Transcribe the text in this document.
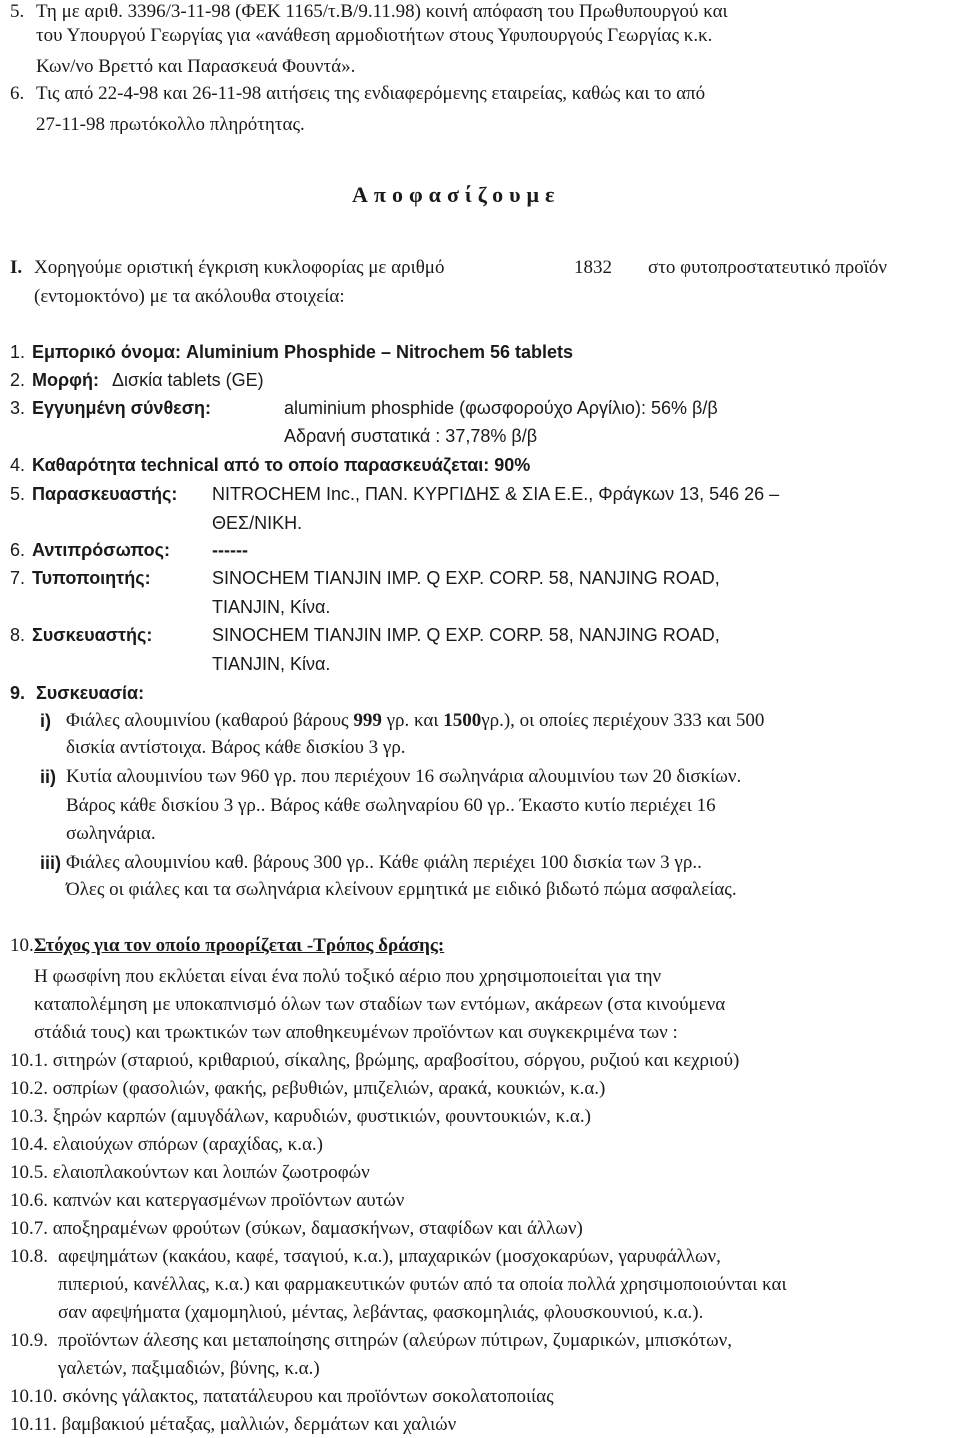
5. Τη με αριθ. 3396/3-11-98 (ΦΕΚ 1165/τ.Β/9.11.98) κοινή απόφαση του Πρωθυπουργού και
του Υπουργού Γεωργίας για «ανάθεση αρμοδιοτήτων στους Υφυπουργούς Γεωργίας κ.κ.
Κων/νο Βρεττό και Παρασκευά Φουντά».
6. Τις από 22-4-98 και 26-11-98 αιτήσεις της ενδιαφερόμενης εταιρείας, καθώς και το από
27-11-98 πρωτόκολλο πληρότητας.
Αποφασίζουμε
I. Χορηγούμε οριστική έγκριση κυκλοφορίας με αριθμό	1832 στο φυτοπροστατευτικό προϊόν
(εντομοκτόνο) με τα ακόλουθα στοιχεία:
1. Εμπορικό όνομα: Aluminium Phosphide – Nitrochem 56 tablets
2. Μορφή: Δισκία tablets (GE)
3. Εγγυημένη σύνθεση:	aluminium phosphide (φωσφορούχο Αργίλιο): 56% β/β
Αδρανή συστατικά : 37,78% β/β
4. Καθαρότητα technical από το οποίο παρασκευάζεται: 90%
5. Παρασκευαστής: NITROCHEM Inc., ΠΑΝ. ΚΥΡΓΙΔΗΣ & ΣΙΑ Ε.Ε., Φράγκων 13, 546 26 –
ΘΕΣ/ΝΙΚΗ.
6. Αντιπρόσωπος: ------
7. Τυποποιητής:	SINOCHEM TIANJIN IMP. Q EXP. CORP. 58, NANJING ROAD,
TIANJIN, Κίνα.
8. Συσκευαστής:	SINOCHEM TIANJIN IMP. Q EXP. CORP. 58, NANJING ROAD,
TIANJIN, Κίνα.
9. Συσκευασία:
i) Φιάλες αλουμινίου (καθαρού βάρους 999 γρ. και 1500γρ.), οι οποίες περιέχουν 333 και 500
δισκία αντίστοιχα. Βάρος κάθε δισκίου 3 γρ.
ii) Κυτία αλουμινίου των 960 γρ. που περιέχουν 16 σωληνάρια αλουμινίου των 20 δισκίων.
Βάρος κάθε δισκίου 3 γρ.. Βάρος κάθε σωληναρίου 60 γρ.. Έκαστο κυτίο περιέχει 16
σωληνάρια.
iii) Φιάλες αλουμινίου καθ. βάρους 300 γρ.. Κάθε φιάλη περιέχει 100 δισκία των 3 γρ..
Όλες οι φιάλες και τα σωληνάρια κλείνουν ερμητικά με ειδικό βιδωτό πώμα ασφαλείας.
10. Στόχος για τον οποίο προορίζεται -Τρόπος δράσης:
Η φωσφίνη που εκλύεται είναι ένα πολύ τοξικό αέριο που χρησιμοποιείται για την
καταπολέμηση με υποκαπνισμό όλων των σταδίων των εντόμων, ακάρεων (στα κινούμενα
στάδιά τους) και τρωκτικών των αποθηκευμένων προϊόντων και συγκεκριμένα των :
10.1. σιτηρών (σταριού, κριθαριού, σίκαλης, βρώμης, αραβοσίτου, σόργου, ρυζιού και κεχριού)
10.2. οσπρίων (φασολιών, φακής, ρεβυθιών, μπιζελιών, αρακά, κουκιών, κ.α.)
10.3. ξηρών καρπών (αμυγδάλων, καρυδιών, φυστικιών, φουντουκιών, κ.α.)
10.4. ελαιούχων σπόρων (αραχίδας, κ.α.)
10.5. ελαιοπλακούντων και λοιπών ζωοτροφών
10.6. καπνών και κατεργασμένων προϊόντων αυτών
10.7. αποξηραμένων φρούτων (σύκων, δαμασκήνων, σταφίδων και άλλων)
10.8. αφεψημάτων (κακάου, καφέ, τσαγιού, κ.α.), μπαχαρικών (μοσχοκαρύων, γαρυφάλλων,
πιπεριού, κανέλλας, κ.α.) και φαρμακευτικών φυτών από τα οποία πολλά χρησιμοποιούνται και
σαν αφεψήματα (χαμομηλιού, μέντας, λεβάντας, φασκομηλιάς, φλουσκουνιού, κ.α.).
10.9. προϊόντων άλεσης και μεταποίησης σιτηρών (αλεύρων πύτιρων, ζυμαρικών, μπισκότων,
γαλετών, παξιμαδιών, βύνης, κ.α.)
10.10. σκόνης γάλακτος, πατατάλευρου και προϊόντων σοκολατοποιίας
10.11. βαμβακιού μέταξας, μαλλιών, δερμάτων και χαλιών
